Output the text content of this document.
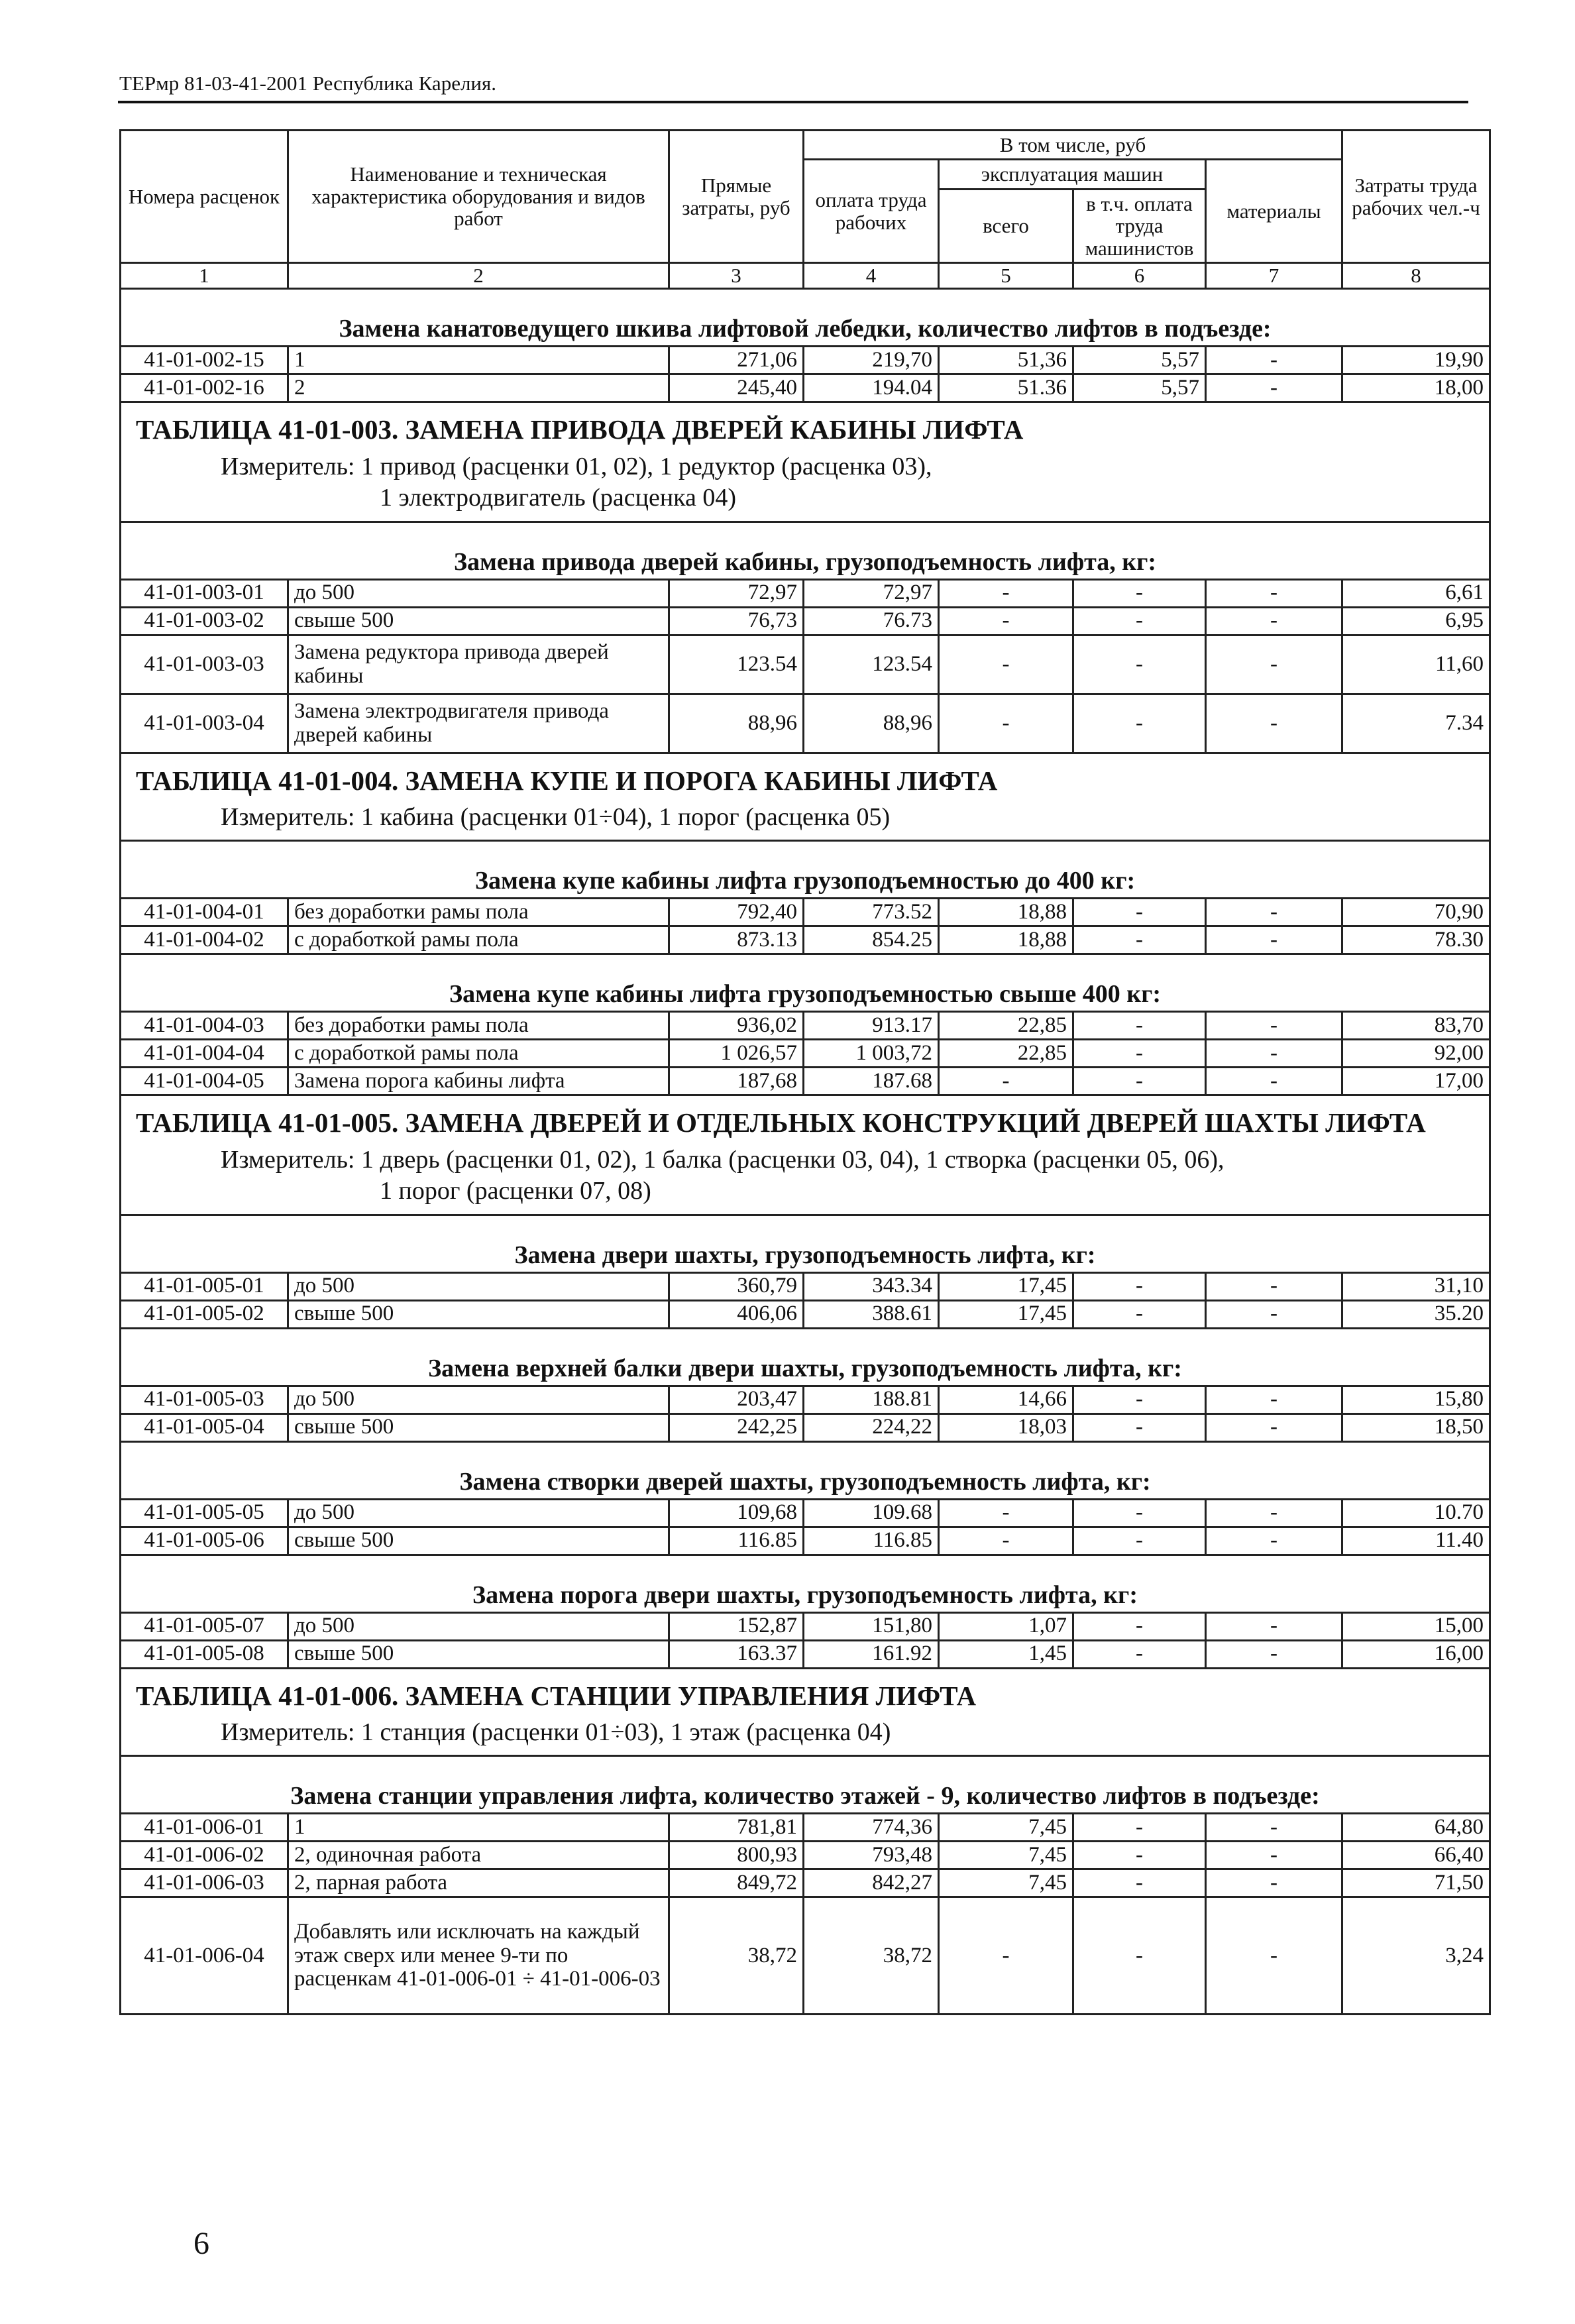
ТЕРмр 81-03-41-2001 Республика Карелия.
Номера расценок	Наименование и техническая характеристика оборудования и видов работ	Прямые затраты, руб	В том числе, руб				Затраты труда рабочих чел.-ч
			оплата труда рабочих	эксплуатация машин		материалы	
				всего	в т.ч. оплата труда машинистов		
1	2	3	4	5	6	7	8

Замена канатоведущего шкива лифтовой лебедки, количество лифтов в подъезде:							
41-01-002-15	1	271,06	219,70	51,36	5,57	-	19,90
41-01-002-16	2	245,40	194.04	51.36	5,57	-	18,00
ТАБЛИЦА 41-01-003. ЗАМЕНА ПРИВОДА ДВЕРЕЙ КАБИНЫ ЛИФТА							
Измеритель: 1 привод (расценки 01, 02), 1 редуктор (расценка 03),

1 электродвигатель (расценка 04)							

Замена привода дверей кабины, грузоподъемность лифта, кг:							
41-01-003-01	до 500	72,97	72,97	-	-	-	6,61
41-01-003-02	свыше 500	76,73	76.73	-	-	-	6,95
41-01-003-03	Замена редуктора привода дверей кабины	123.54	123.54	-	-	-	11,60
41-01-003-04	Замена электродвигателя привода дверей кабины	88,96	88,96	-	-	-	7.34
ТАБЛИЦА 41-01-004. ЗАМЕНА КУПЕ И ПОРОГА КАБИНЫ ЛИФТА							
Измеритель: 1 кабина (расценки 01÷04), 1 порог (расценка 05)							

Замена купе кабины лифта грузоподъемностью до 400 кг:							
41-01-004-01	без доработки рамы пола	792,40	773.52	18,88	-	-	70,90
41-01-004-02	с доработкой рамы пола	873.13	854.25	18,88	-	-	78.30

Замена купе кабины лифта грузоподъемностью свыше 400 кг:							
41-01-004-03	без доработки рамы пола	936,02	913.17	22,85	-	-	83,70
41-01-004-04	с доработкой рамы пола	1 026,57	1 003,72	22,85	-	-	92,00
41-01-004-05	Замена порога кабины лифта	187,68	187.68	-	-	-	17,00
ТАБЛИЦА 41-01-005. ЗАМЕНА ДВЕРЕЙ И ОТДЕЛЬНЫХ КОНСТРУКЦИЙ ДВЕРЕЙ ШАХТЫ ЛИФТА							
Измеритель: 1 дверь (расценки 01, 02), 1 балка (расценки 03, 04), 1 створка (расценки 05, 06),

1 порог (расценки 07, 08)							

Замена двери шахты, грузоподъемность лифта, кг:							
41-01-005-01	до 500	360,79	343.34	17,45	-	-	31,10
41-01-005-02	свыше 500	406,06	388.61	17,45	-	-	35.20

Замена верхней балки двери шахты, грузоподъемность лифта, кг:							
41-01-005-03	до 500	203,47	188.81	14,66	-	-	15,80
41-01-005-04	свыше 500	242,25	224,22	18,03	-	-	18,50

Замена створки дверей шахты, грузоподъемность лифта, кг:							
41-01-005-05	до 500	109,68	109.68	-	-	-	10.70
41-01-005-06	свыше 500	116.85	116.85	-	-	-	11.40

Замена порога двери шахты, грузоподъемность лифта, кг:							
41-01-005-07	до 500	152,87	151,80	1,07	-	-	15,00
41-01-005-08	свыше 500	163.37	161.92	1,45	-	-	16,00
ТАБЛИЦА 41-01-006. ЗАМЕНА СТАНЦИИ УПРАВЛЕНИЯ ЛИФТА							
Измеритель: 1 станция (расценки 01÷03), 1 этаж (расценка 04)							

Замена станции управления лифта, количество этажей - 9, количество лифтов в подъезде:							
41-01-006-01	1	781,81	774,36	7,45	-	-	64,80
41-01-006-02	2, одиночная работа	800,93	793,48	7,45	-	-	66,40
41-01-006-03	2, парная работа	849,72	842,27	7,45	-	-	71,50
41-01-006-04	Добавлять или исключать на каждый этаж сверх или менее 9-ти по расценкам 41-01-006-01 ÷ 41-01-006-03	38,72	38,72	-	-	-	3,24
6
